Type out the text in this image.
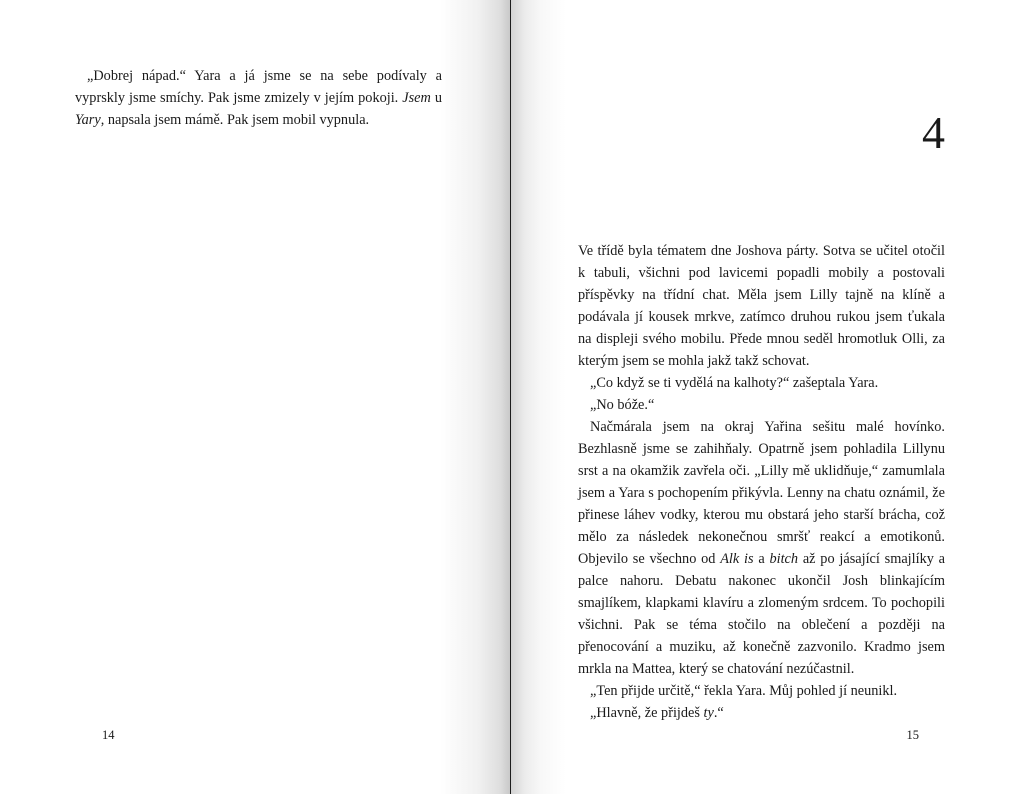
„Dobrej nápad.“ Yara a já jsme se na sebe podívaly a vyprskly jsme smíchy. Pak jsme zmizely v jejím pokoji. Jsem u Yary, napsala jsem mámě. Pak jsem mobil vypnula.

14
4

Ve třídě byla tématem dne Joshova párty. Sotva se učitel otočil k tabuli, všichni pod lavicemi popadli mobily a postovali příspěvky na třídní chat. Měla jsem Lilly tajně na klíně a podávala jí kousek mrkve, zatímco druhou rukou jsem ťukala na displeji svého mobilu. Přede mnou seděl hromotluk Olli, za kterým jsem se mohla jakž takž schovat.

„Co když se ti vydělá na kalhoty?“ zašeptala Yara.

„No bóže.“

Načmárala jsem na okraj Yařina sešitu malé hovínko. Bezhlasně jsme se zahihňaly. Opatrně jsem pohladila Lillynu srst a na okamžik zavřela oči. „Lilly mě uklidňuje,“ zamumlala jsem a Yara s pochopením přikývla. Lenny na chatu oznámil, že přinese láhev vodky, kterou mu obstará jeho starší brácha, což mělo za následek nekonečnou smršť reakcí a emotikonů. Objevilo se všechno od Alk is a bitch až po jásající smajlíky a palce nahoru. Debatu nakonec ukončil Josh blinkajícím smajlíkem, klapkami klavíru a zlomeným srdcem. To pochopili všichni. Pak se téma stočilo na oblečení a později na přenocování a muziku, až konečně zazvonilo. Kradmo jsem mrkla na Mattea, který se chatování nezúčastnil.

„Ten přijde určitě,“ řekla Yara. Můj pohled jí neunikl.

„Hlavně, že přijdeš ty.“

15
